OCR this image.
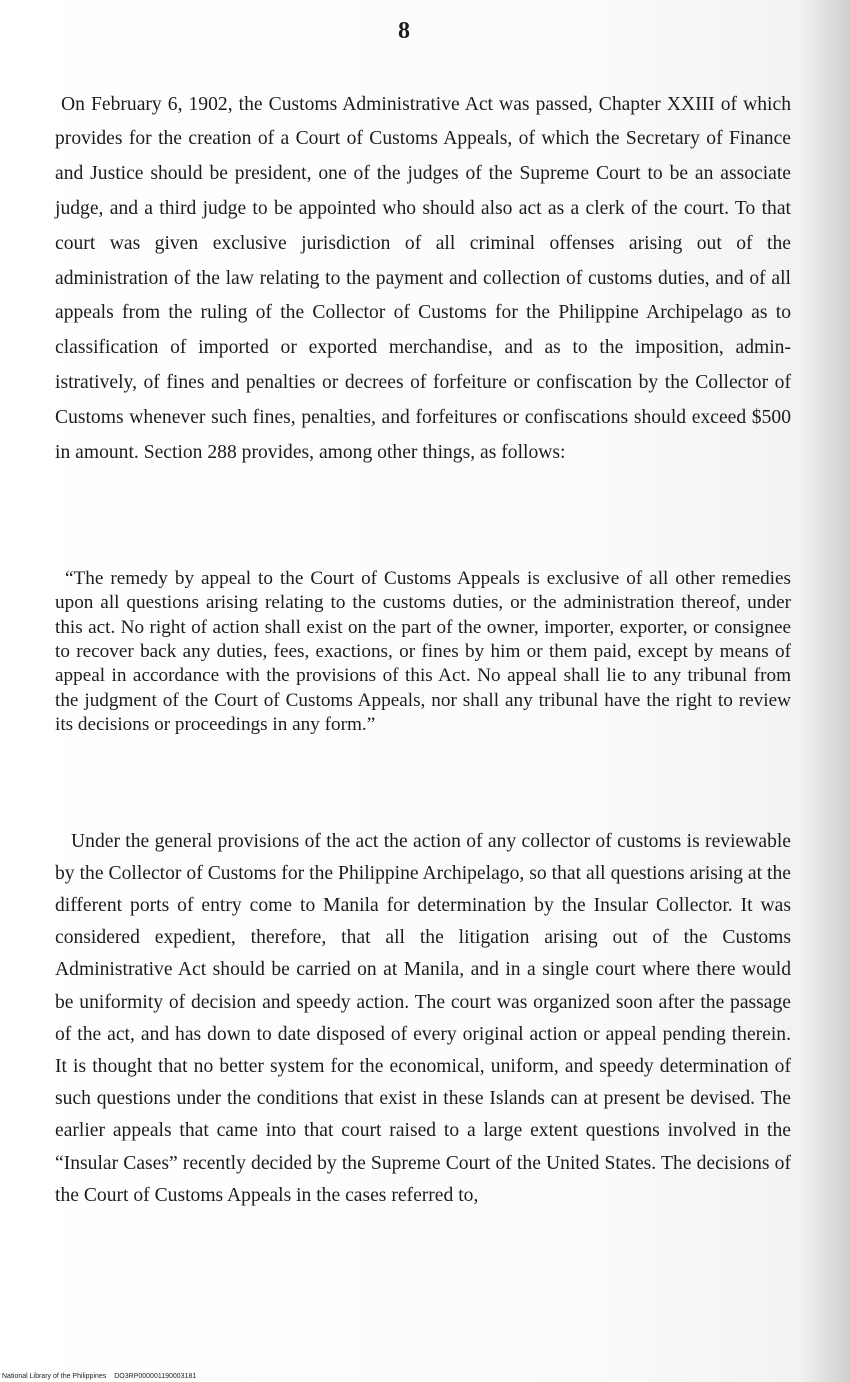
8

On February 6, 1902, the Customs Administrative Act was passed, Chapter XXIII of which provides for the creation of a Court of Customs Appeals, of which the Secretary of Finance and Justice should be president, one of the judges of the Supreme Court to be an associate judge, and a third judge to be appointed who should also act as a clerk of the court. To that court was given exclusive jurisdiction of all criminal offenses arising out of the administration of the law relating to the payment and collection of customs duties, and of all appeals from the ruling of the Collector of Customs for the Philippine Archipelago as to classification of imported or exported merchandise, and as to the imposition, administratively, of fines and penalties or decrees of forfeiture or confiscation by the Collector of Customs whenever such fines, penalties, and forfeitures or confiscations should exceed $500 in amount. Section 288 provides, among other things, as follows:

“The remedy by appeal to the Court of Customs Appeals is exclusive of all other remedies upon all questions arising relating to the customs duties, or the administration thereof, under this act. No right of action shall exist on the part of the owner, importer, exporter, or consignee to recover back any duties, fees, exactions, or fines by him or them paid, except by means of appeal in accordance with the provisions of this Act. No appeal shall lie to any tribunal from the judgment of the Court of Customs Appeals, nor shall any tribunal have the right to review its decisions or proceedings in any form.”

Under the general provisions of the act the action of any collector of customs is reviewable by the Collector of Customs for the Philippine Archipelago, so that all questions arising at the different ports of entry come to Manila for determination by the Insular Collector. It was considered expedient, therefore, that all the litigation arising out of the Customs Administrative Act should be carried on at Manila, and in a single court where there would be uniformity of decision and speedy action. The court was organized soon after the passage of the act, and has down to date disposed of every original action or appeal pending therein. It is thought that no better system for the economical, uniform, and speedy determination of such questions under the conditions that exist in these Islands can at present be devised. The earlier appeals that came into that court raised to a large extent questions involved in the “Insular Cases” recently decided by the Supreme Court of the United States. The decisions of the Court of Customs Appeals in the cases referred to,

National Library of the Philippines DO3RP000001190003181
